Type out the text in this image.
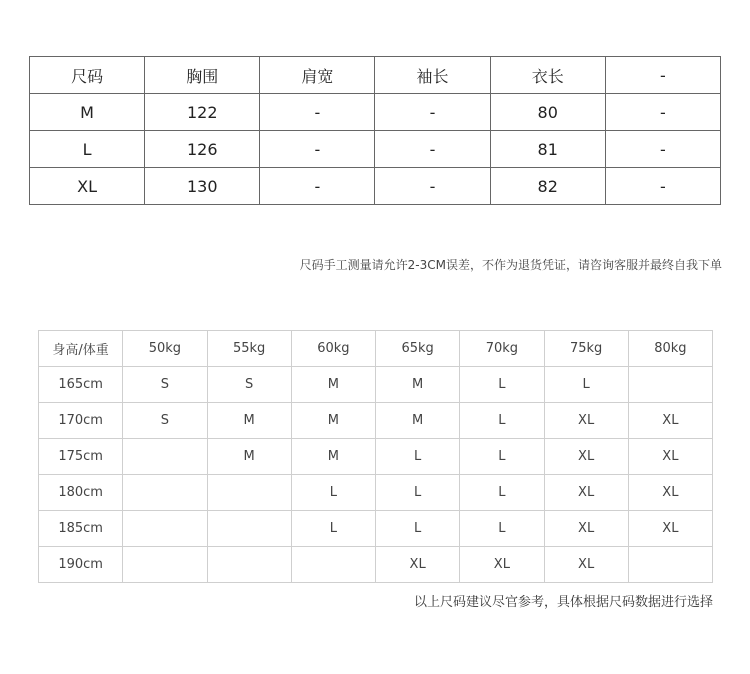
尺码	胸围	肩宽	袖长	衣长	-
M	122	-	-	80	-
L	126	-	-	81	-
XL	130	-	-	82	-
尺码手工测量请允许2-3CM误差，不作为退货凭证，请咨询客服并最终自我下单
身高/体重	50kg	55kg	60kg	65kg	70kg	75kg	80kg
165cm	S	S	M	M	L	L	
170cm	S	M	M	M	L	XL	XL
175cm		M	M	L	L	XL	XL
180cm			L	L	L	XL	XL
185cm			L	L	L	XL	XL
190cm				XL	XL	XL	
以上尺码建议尽官参考，具体根据尺码数据进行选择
